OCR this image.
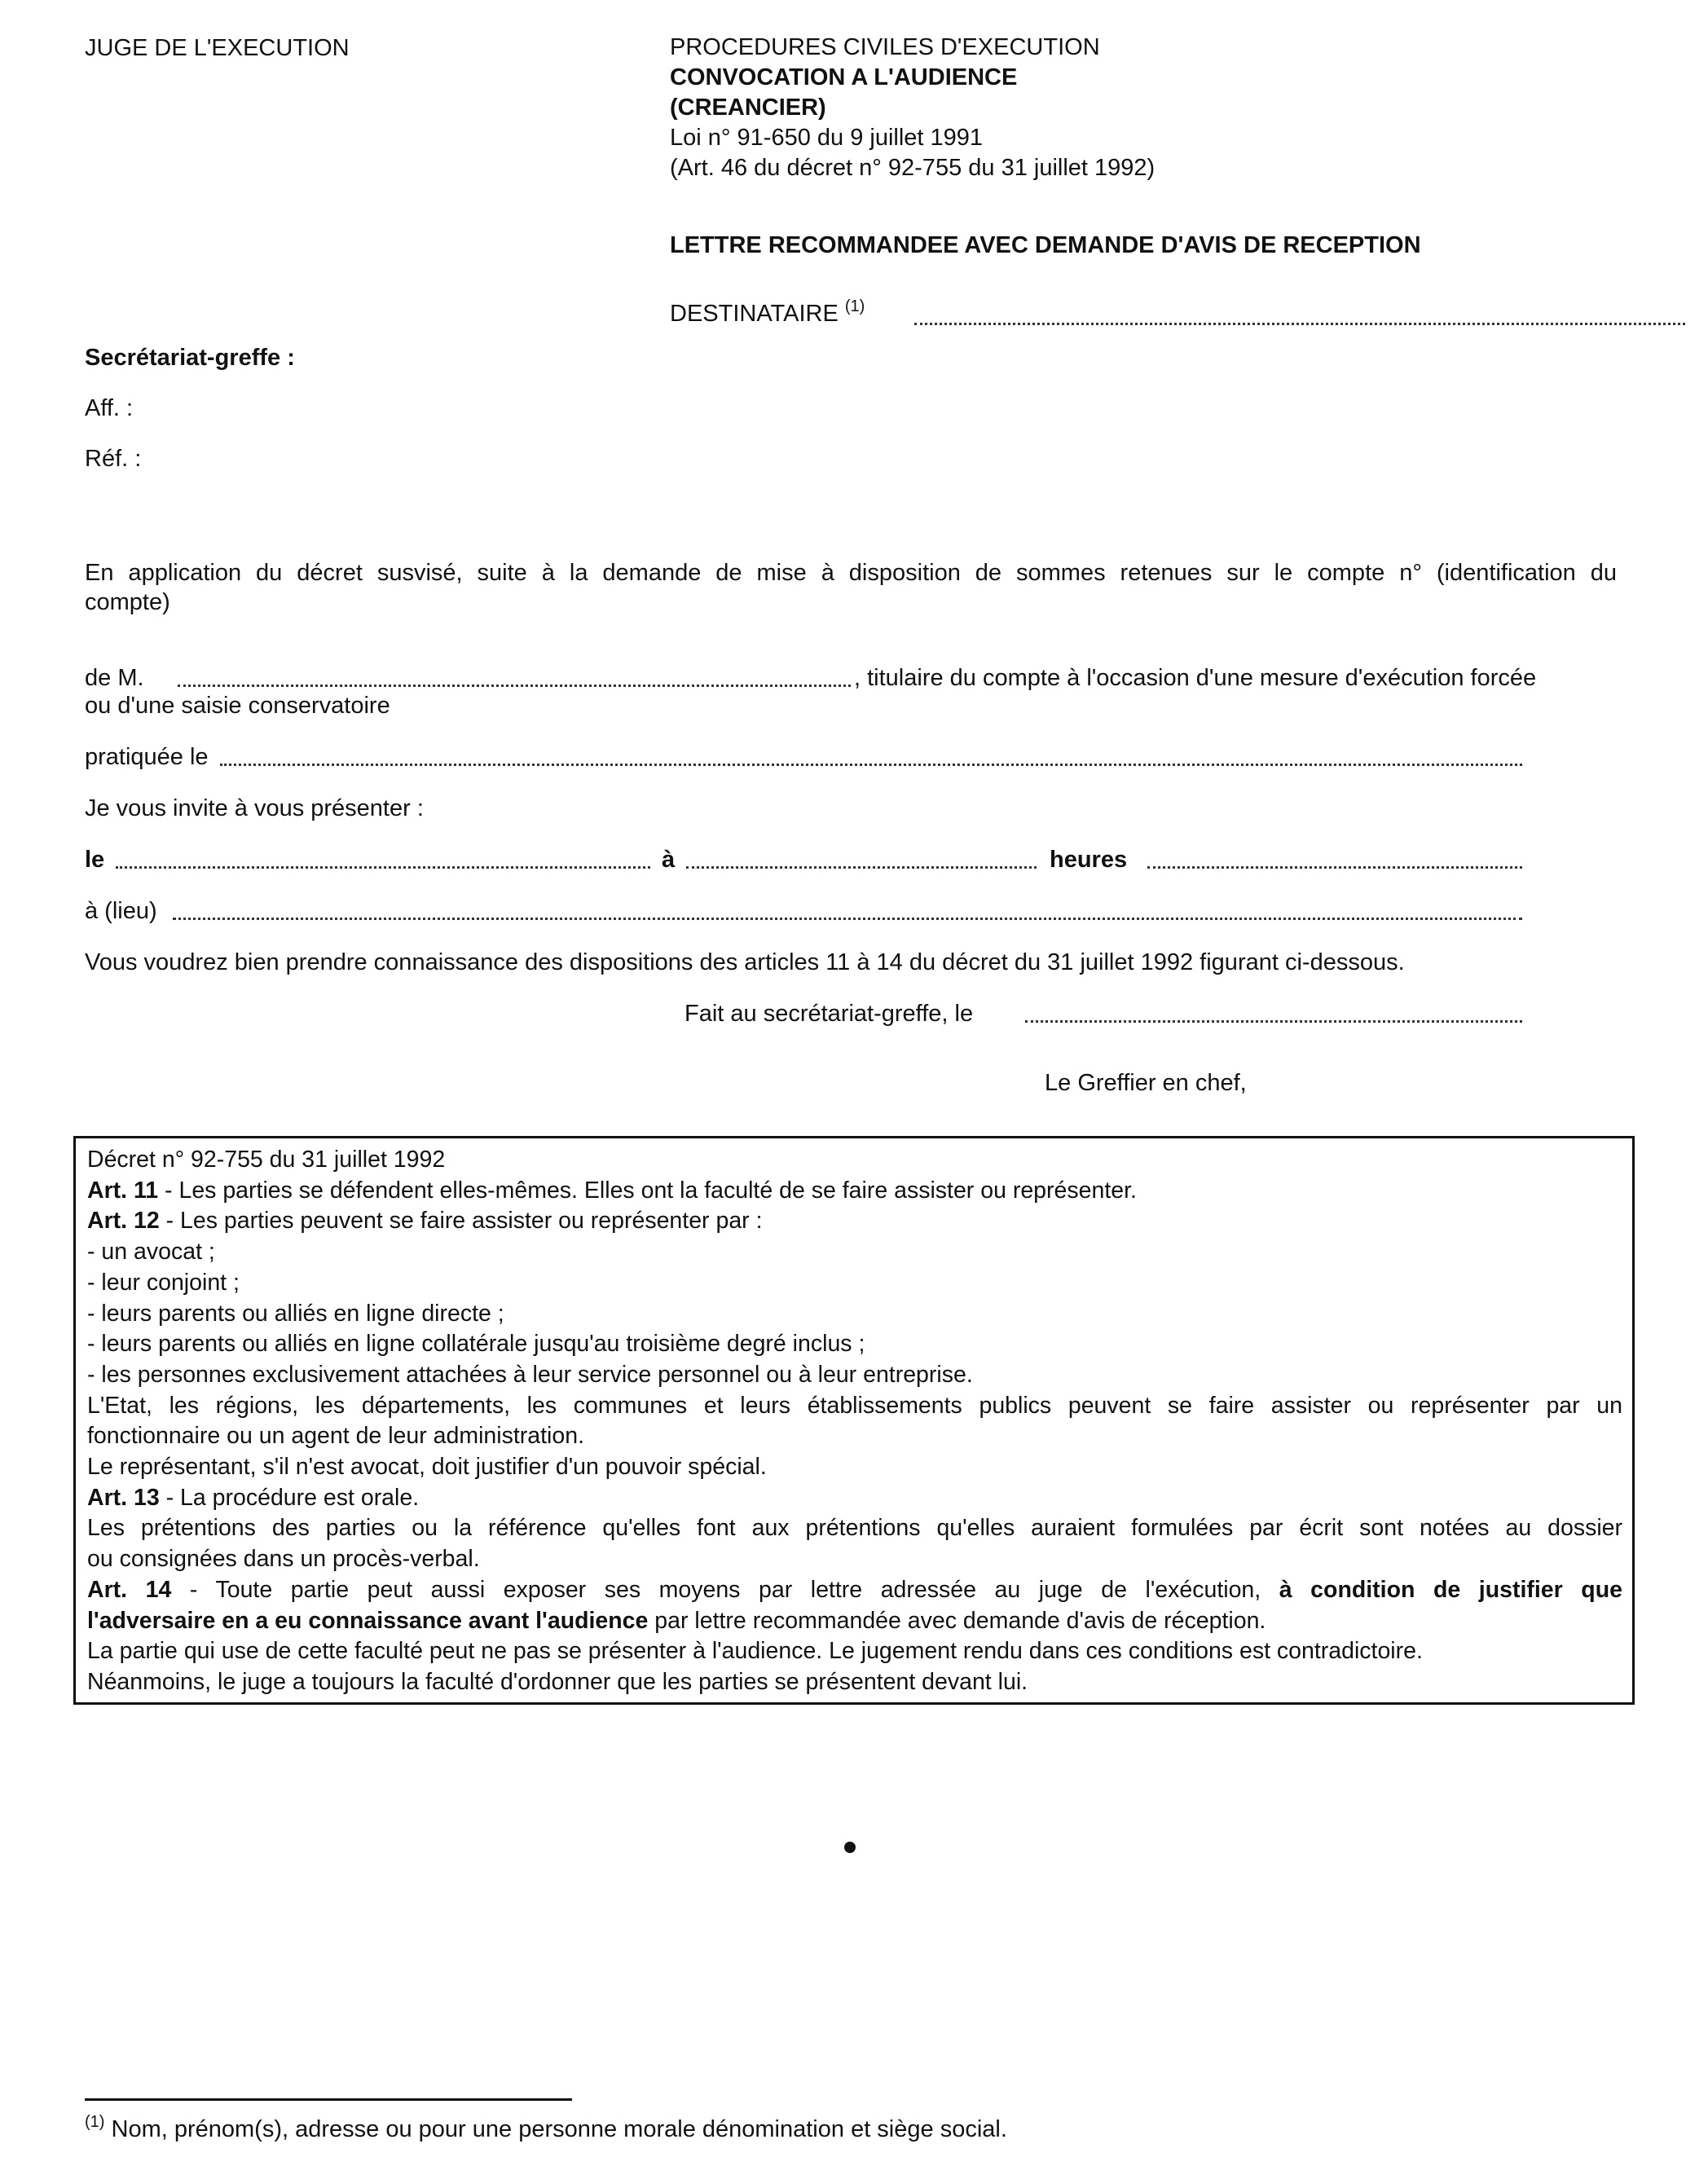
JUGE DE L'EXECUTION	PROCEDURES CIVILES D'EXECUTION
CONVOCATION A L'AUDIENCE
(CREANCIER)
Loi n° 91-650 du 9 juillet 1991
(Art. 46 du décret n° 92-755 du 31 juillet 1992)
LETTRE RECOMMANDEE AVEC DEMANDE D'AVIS DE RECEPTION
DESTINATAIRE $^{(1)}$
Secrétariat-greffe :
Aff. :
Réf. :
En application du décret susvisé, suite à la demande de mise à disposition de sommes retenues sur le compte n° (identification du
compte)
de M.	, titulaire du compte à l'occasion d'une mesure d'exécution forcée
ou d'une saisie conservatoire
pratiquée le
Je vous invite à vous présenter :
le	à	heures
à (lieu)
Vous voudrez bien prendre connaissance des dispositions des articles 11 à 14 du décret du 31 juillet 1992 figurant ci-dessous.
Fait au secrétariat-greffe, le
Le Greffier en chef,
Décret n° 92-755 du 31 juillet 1992
Art. 11 - Les parties se défendent elles-mêmes. Elles ont la faculté de se faire assister ou représenter.
Art. 12 - Les parties peuvent se faire assister ou représenter par :
- un avocat ;
- leur conjoint ;
- leurs parents ou alliés en ligne directe ;
- leurs parents ou alliés en ligne collatérale jusqu'au troisième degré inclus ;
- les personnes exclusivement attachées à leur service personnel ou à leur entreprise.
L'Etat, les régions, les départements, les communes et leurs établissements publics peuvent se faire assister ou représenter par un
fonctionnaire ou un agent de leur administration.
Le représentant, s'il n'est avocat, doit justifier d'un pouvoir spécial.
Art. 13 - La procédure est orale.
Les prétentions des parties ou la référence qu'elles font aux prétentions qu'elles auraient formulées par écrit sont notées au dossier
ou consignées dans un procès-verbal.
Art. 14 - Toute partie peut aussi exposer ses moyens par lettre adressée au juge de l'exécution, à condition de justifier que
l'adversaire en a eu connaissance avant l'audience par lettre recommandée avec demande d'avis de réception.
La partie qui use de cette faculté peut ne pas se présenter à l'audience. Le jugement rendu dans ces conditions est contradictoire.
Néanmoins, le juge a toujours la faculté d'ordonner que les parties se présentent devant lui.
$^{(1)}$ Nom, prénom(s), adresse ou pour une personne morale dénomination et siège social.
